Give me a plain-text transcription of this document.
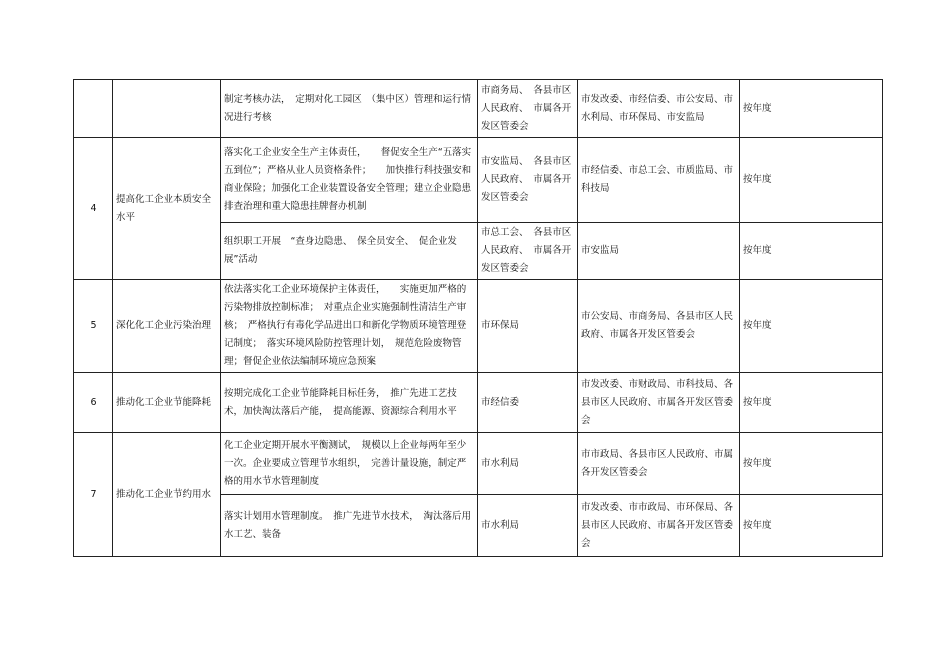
		制定考核办法，　定期对化工园区　（集中区）管理和运行情况进行考核	市商务局、　各县市区人民政府、　市属各开发区管委会	市发改委、市经信委、市公安局、市水利局、市环保局、市安监局	按年度
4	提高化工企业本质安全水平	落实化工企业安全生产主体责任，　　督促安全生产“五落实五到位”；严格从业人员资格条件；　　加快推行科技强安和商业保险；加强化工企业装置设备安全管理；建立企业隐患排查治理和重大隐患挂牌督办机制	市安监局、　各县市区人民政府、　市属各开发区管委会	市经信委、市总工会、市质监局、市科技局	按年度
		组织职工开展　“查身边隐患、　保全员安全、　促企业发展”活动	市总工会、　各县市区人民政府、　市属各开发区管委会	市安监局	按年度
5	深化化工企业污染治理	依法落实化工企业环境保护主体责任，　　实施更加严格的污染物排放控制标准；　对重点企业实施强制性清洁生产审核；　严格执行有毒化学品进出口和新化学物质环境管理登记制度；　落实环境风险防控管理计划，　规范危险废物管理；督促企业依法编制环境应急预案	市环保局	市公安局、市商务局、各县市区人民政府、市属各开发区管委会	按年度
6	推动化工企业节能降耗	按期完成化工企业节能降耗目标任务，　推广先进工艺技术，加快淘汰落后产能，　提高能源、资源综合利用水平	市经信委	市发改委、市财政局、市科技局、各县市区人民政府、市属各开发区管委会	按年度
7	推动化工企业节约用水	化工企业定期开展水平衡测试，　规模以上企业每两年至少一次。企业要成立管理节水组织，　完善计量设施，制定严格的用水节水管理制度	市水利局	市市政局、各县市区人民政府、市属各开发区管委会	按年度
		落实计划用水管理制度。　推广先进节水技术，　淘汰落后用水工艺、装备	市水利局	市发改委、市市政局、市环保局、各县市区人民政府、市属各开发区管委会	按年度
